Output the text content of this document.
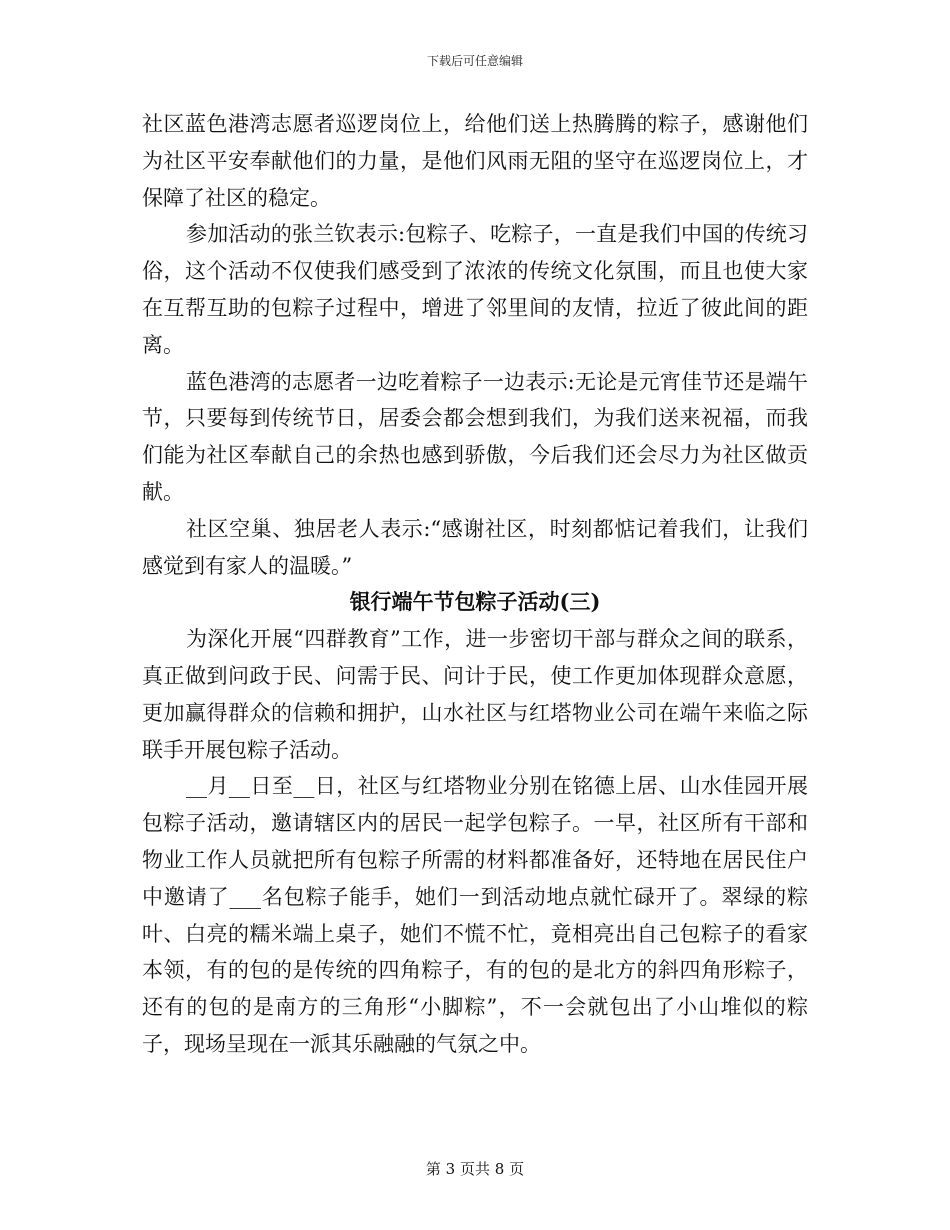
下载后可任意编辑

社区蓝色港湾志愿者巡逻岗位上，给他们送上热腾腾的粽子，感谢他们为社区平安奉献他们的力量，是他们风雨无阻的坚守在巡逻岗位上，才保障了社区的稳定。

参加活动的张兰钦表示:包粽子、吃粽子，一直是我们中国的传统习俗，这个活动不仅使我们感受到了浓浓的传统文化氛围，而且也使大家在互帮互助的包粽子过程中，增进了邻里间的友情，拉近了彼此间的距离。

蓝色港湾的志愿者一边吃着粽子一边表示:无论是元宵佳节还是端午节，只要每到传统节日，居委会都会想到我们，为我们送来祝福，而我们能为社区奉献自己的余热也感到骄傲，今后我们还会尽力为社区做贡献。

社区空巢、独居老人表示:“感谢社区，时刻都惦记着我们，让我们感觉到有家人的温暖。”

银行端午节包粽子活动(三)

为深化开展“四群教育”工作，进一步密切干部与群众之间的联系，真正做到问政于民、问需于民、问计于民，使工作更加体现群众意愿，更加赢得群众的信赖和拥护，山水社区与红塔物业公司在端午来临之际联手开展包粽子活动。

__月__日至__日，社区与红塔物业分别在铭德上居、山水佳园开展包粽子活动，邀请辖区内的居民一起学包粽子。一早，社区所有干部和物业工作人员就把所有包粽子所需的材料都准备好，还特地在居民住户中邀请了___名包粽子能手，她们一到活动地点就忙碌开了。翠绿的粽叶、白亮的糯米端上桌子，她们不慌不忙，竟相亮出自己包粽子的看家本领，有的包的是传统的四角粽子，有的包的是北方的斜四角形粽子，还有的包的是南方的三角形“小脚粽”，不一会就包出了小山堆似的粽子，现场呈现在一派其乐融融的气氛之中。

第 3 页共 8 页
